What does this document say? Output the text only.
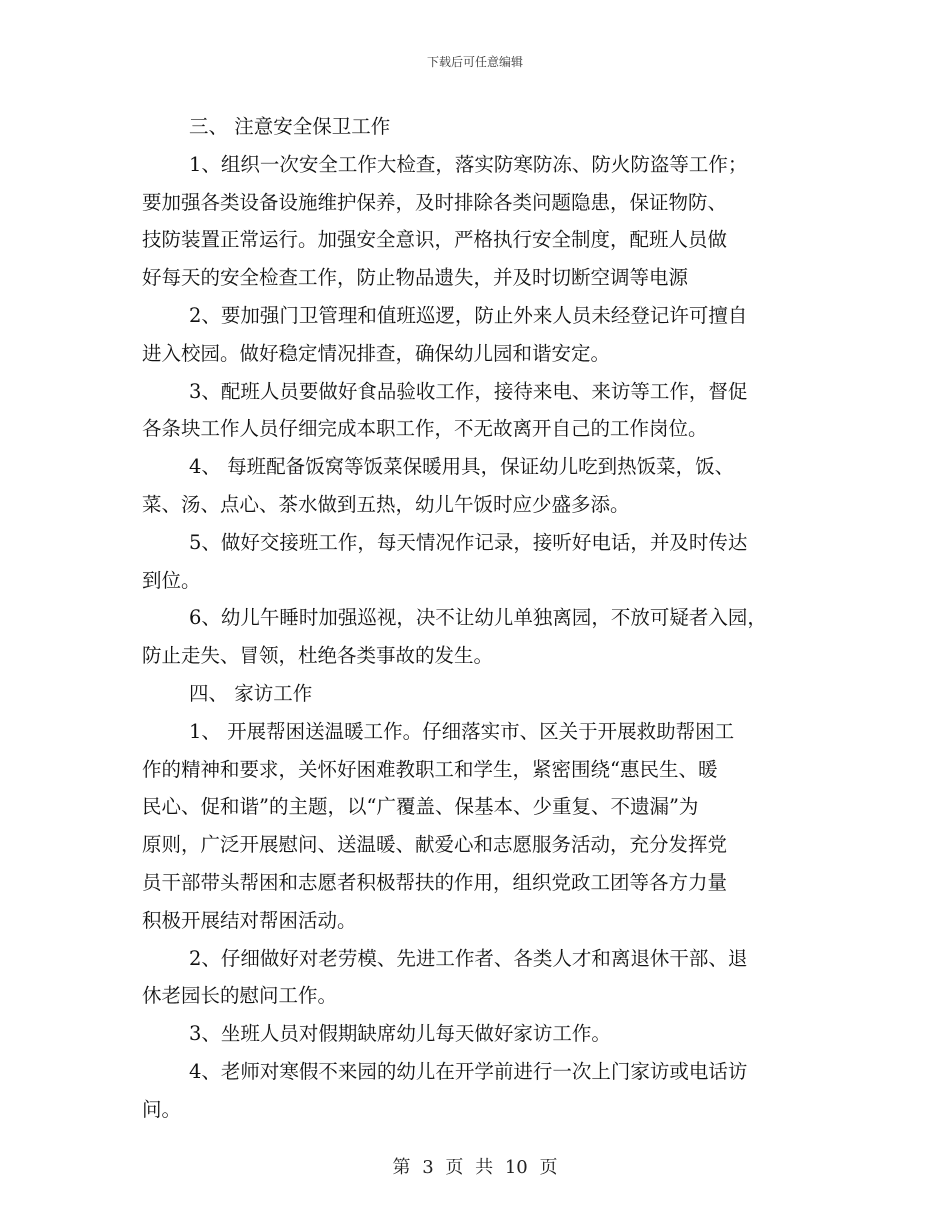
下载后可任意编辑
三、 注意安全保卫工作
1、组织一次安全工作大检查，落实防寒防冻、防火防盗等工作；
要加强各类设备设施维护保养，及时排除各类问题隐患，保证物防、
技防装置正常运行。加强安全意识，严格执行安全制度，配班人员做
好每天的安全检查工作，防止物品遗失，并及时切断空调等电源
2、要加强门卫管理和值班巡逻，防止外来人员未经登记许可擅自
进入校园。做好稳定情况排查，确保幼儿园和谐安定。
3、配班人员要做好食品验收工作，接待来电、来访等工作，督促
各条块工作人员仔细完成本职工作，不无故离开自己的工作岗位。
4、 每班配备饭窝等饭菜保暖用具，保证幼儿吃到热饭菜，饭、
菜、汤、点心、茶水做到五热，幼儿午饭时应少盛多添。
5、做好交接班工作，每天情况作记录，接听好电话，并及时传达
到位。
6、幼儿午睡时加强巡视，决不让幼儿单独离园，不放可疑者入园，
防止走失、冒领，杜绝各类事故的发生。
四、 家访工作
1、 开展帮困送温暖工作。仔细落实市、区关于开展救助帮困工
作的精神和要求，关怀好困难教职工和学生，紧密围绕“惠民生、暖
民心、促和谐”的主题，以“广覆盖、保基本、少重复、不遗漏”为
原则，广泛开展慰问、送温暖、献爱心和志愿服务活动，充分发挥党
员干部带头帮困和志愿者积极帮扶的作用，组织党政工团等各方力量
积极开展结对帮困活动。
2、仔细做好对老劳模、先进工作者、各类人才和离退休干部、退
休老园长的慰问工作。
3、坐班人员对假期缺席幼儿每天做好家访工作。
4、老师对寒假不来园的幼儿在开学前进行一次上门家访或电话访
问。
第 3 页 共 10 页
